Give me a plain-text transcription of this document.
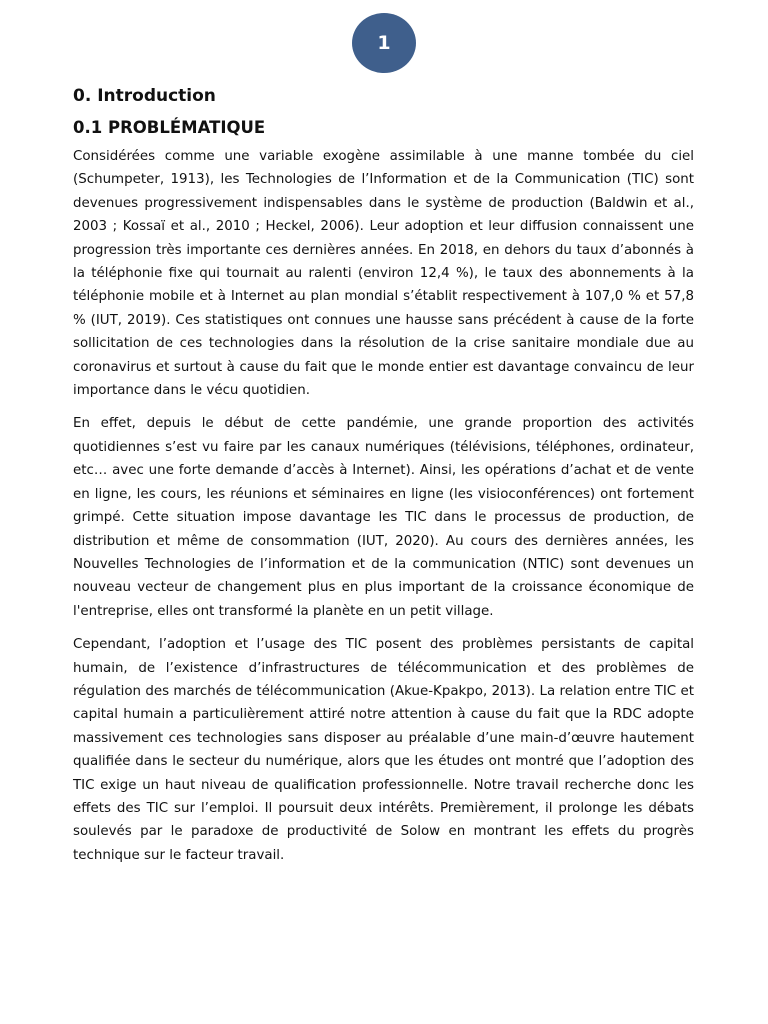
1
0. Introduction
0.1 PROBLÉMATIQUE

Considérées comme une variable exogène assimilable à une manne tombée du ciel (Schumpeter, 1913), les Technologies de l’Information et de la Communication (TIC) sont devenues progressivement indispensables dans le système de production (Baldwin et al., 2003 ; Kossaï et al., 2010 ; Heckel, 2006). Leur adoption et leur diffusion connaissent une progression très importante ces dernières années. En 2018, en dehors du taux d’abonnés à la téléphonie fixe qui tournait au ralenti (environ 12,4 %), le taux des abonnements à la téléphonie mobile et à Internet au plan mondial s’établit respectivement à 107,0 % et 57,8 % (IUT, 2019). Ces statistiques ont connues une hausse sans précédent à cause de la forte sollicitation de ces technologies dans la résolution de la crise sanitaire mondiale due au coronavirus et surtout à cause du fait que le monde entier est davantage convaincu de leur importance dans le vécu quotidien.

En effet, depuis le début de cette pandémie, une grande proportion des activités quotidiennes s’est vu faire par les canaux numériques (télévisions, téléphones, ordinateur, etc… avec une forte demande d’accès à Internet). Ainsi, les opérations d’achat et de vente en ligne, les cours, les réunions et séminaires en ligne (les visioconférences) ont fortement grimpé. Cette situation impose davantage les TIC dans le processus de production, de distribution et même de consommation (IUT, 2020). Au cours des dernières années, les Nouvelles Technologies de l’information et de la communication (NTIC) sont devenues un nouveau vecteur de changement plus en plus important de la croissance économique de l'entreprise, elles ont transformé la planète en un petit village.

Cependant, l’adoption et l’usage des TIC posent des problèmes persistants de capital humain, de l’existence d’infrastructures de télécommunication et des problèmes de régulation des marchés de télécommunication (Akue-Kpakpo, 2013). La relation entre TIC et capital humain a particulièrement attiré notre attention à cause du fait que la RDC adopte massivement ces technologies sans disposer au préalable d’une main-d’œuvre hautement qualifiée dans le secteur du numérique, alors que les études ont montré que l’adoption des TIC exige un haut niveau de qualification professionnelle. Notre travail recherche donc les effets des TIC sur l’emploi. Il poursuit deux intérêts. Premièrement, il prolonge les débats soulevés par le paradoxe de productivité de Solow en montrant les effets du progrès technique sur le facteur travail.
